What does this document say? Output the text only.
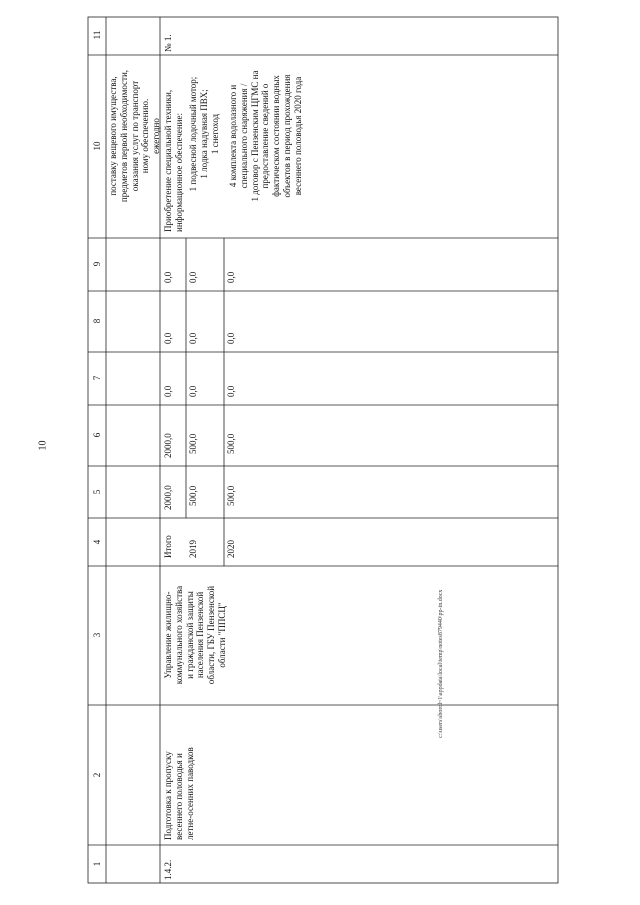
10
1
2
3
4
5
6
7
8
9
10
11
поставку вещевого имущества, предметов первой необходимости, оказания услуг по транспорт ному обеспечению. ежегодно
1.4.2.
Подготовка к пропуску весеннего половодья и летне-осенних паводков
Управление жилищно- коммунального хозяйства и гражданской защиты населения Пензенской области, ГБУ Пензенской области "ППСЦ"
Итого
2000,0
2000,0
0,0
0,0
0,0
Приобретение специальной техники, информационное обеспечение:
2019
500,0
500,0
0,0
0,0
0,0
1 подвесной лодочный мотор; 1 лодка надувная ПВХ; 1 снегоход
2020
500,0
500,0
0,0
0,0
0,0
4 комплекта водолазного и специального снаряжения / 1 договор с Пензенским ЦГМС на предоставление сведений о фактическом состоянии водных объектов в период прохождения весеннего половодья 2020 года
№ 1.
c:\users\sborol~1\appdata\local\temp\notes879440\pp-in.docx
